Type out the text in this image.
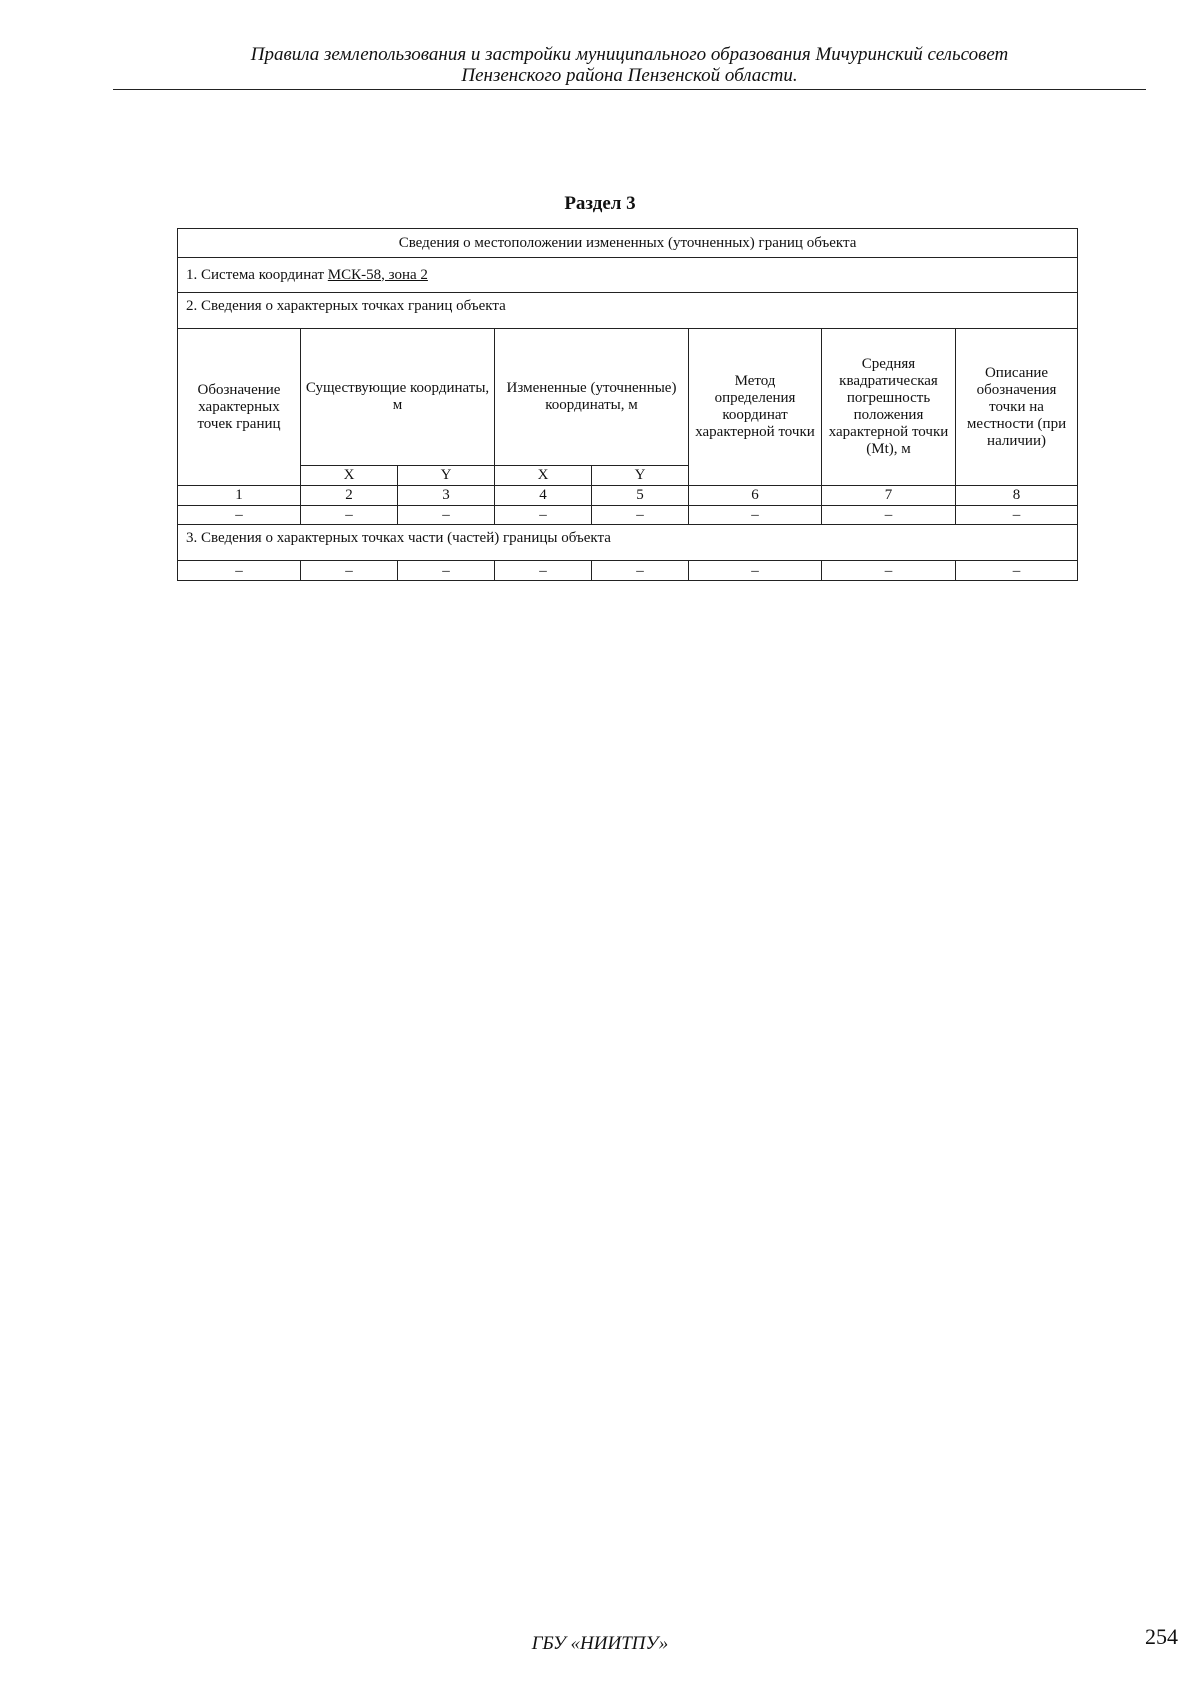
Правила землепользования и застройки муниципального образования Мичуринский сельсовет
Пензенского района Пензенской области.
Раздел 3
Сведения о местоположении измененных (уточненных) границ объекта							
1. Система координат МСК-58, зона 2							
2. Сведения о характерных точках границ объекта							
Обозначение характерных точек границ	Существующие координаты, м		Измененные (уточненные) координаты, м		Метод определения координат характерной точки	Средняя квадратическая погрешность положения характерной точки (Mt), м	Описание обозначения точки на местности (при наличии)
	X	Y	X	Y			
1	2	3	4	5	6	7	8
–	–	–	–	–	–	–	–
3. Сведения о характерных точках части (частей) границы объекта							
–	–	–	–	–	–	–	–
ГБУ «НИИТПУ»	254
